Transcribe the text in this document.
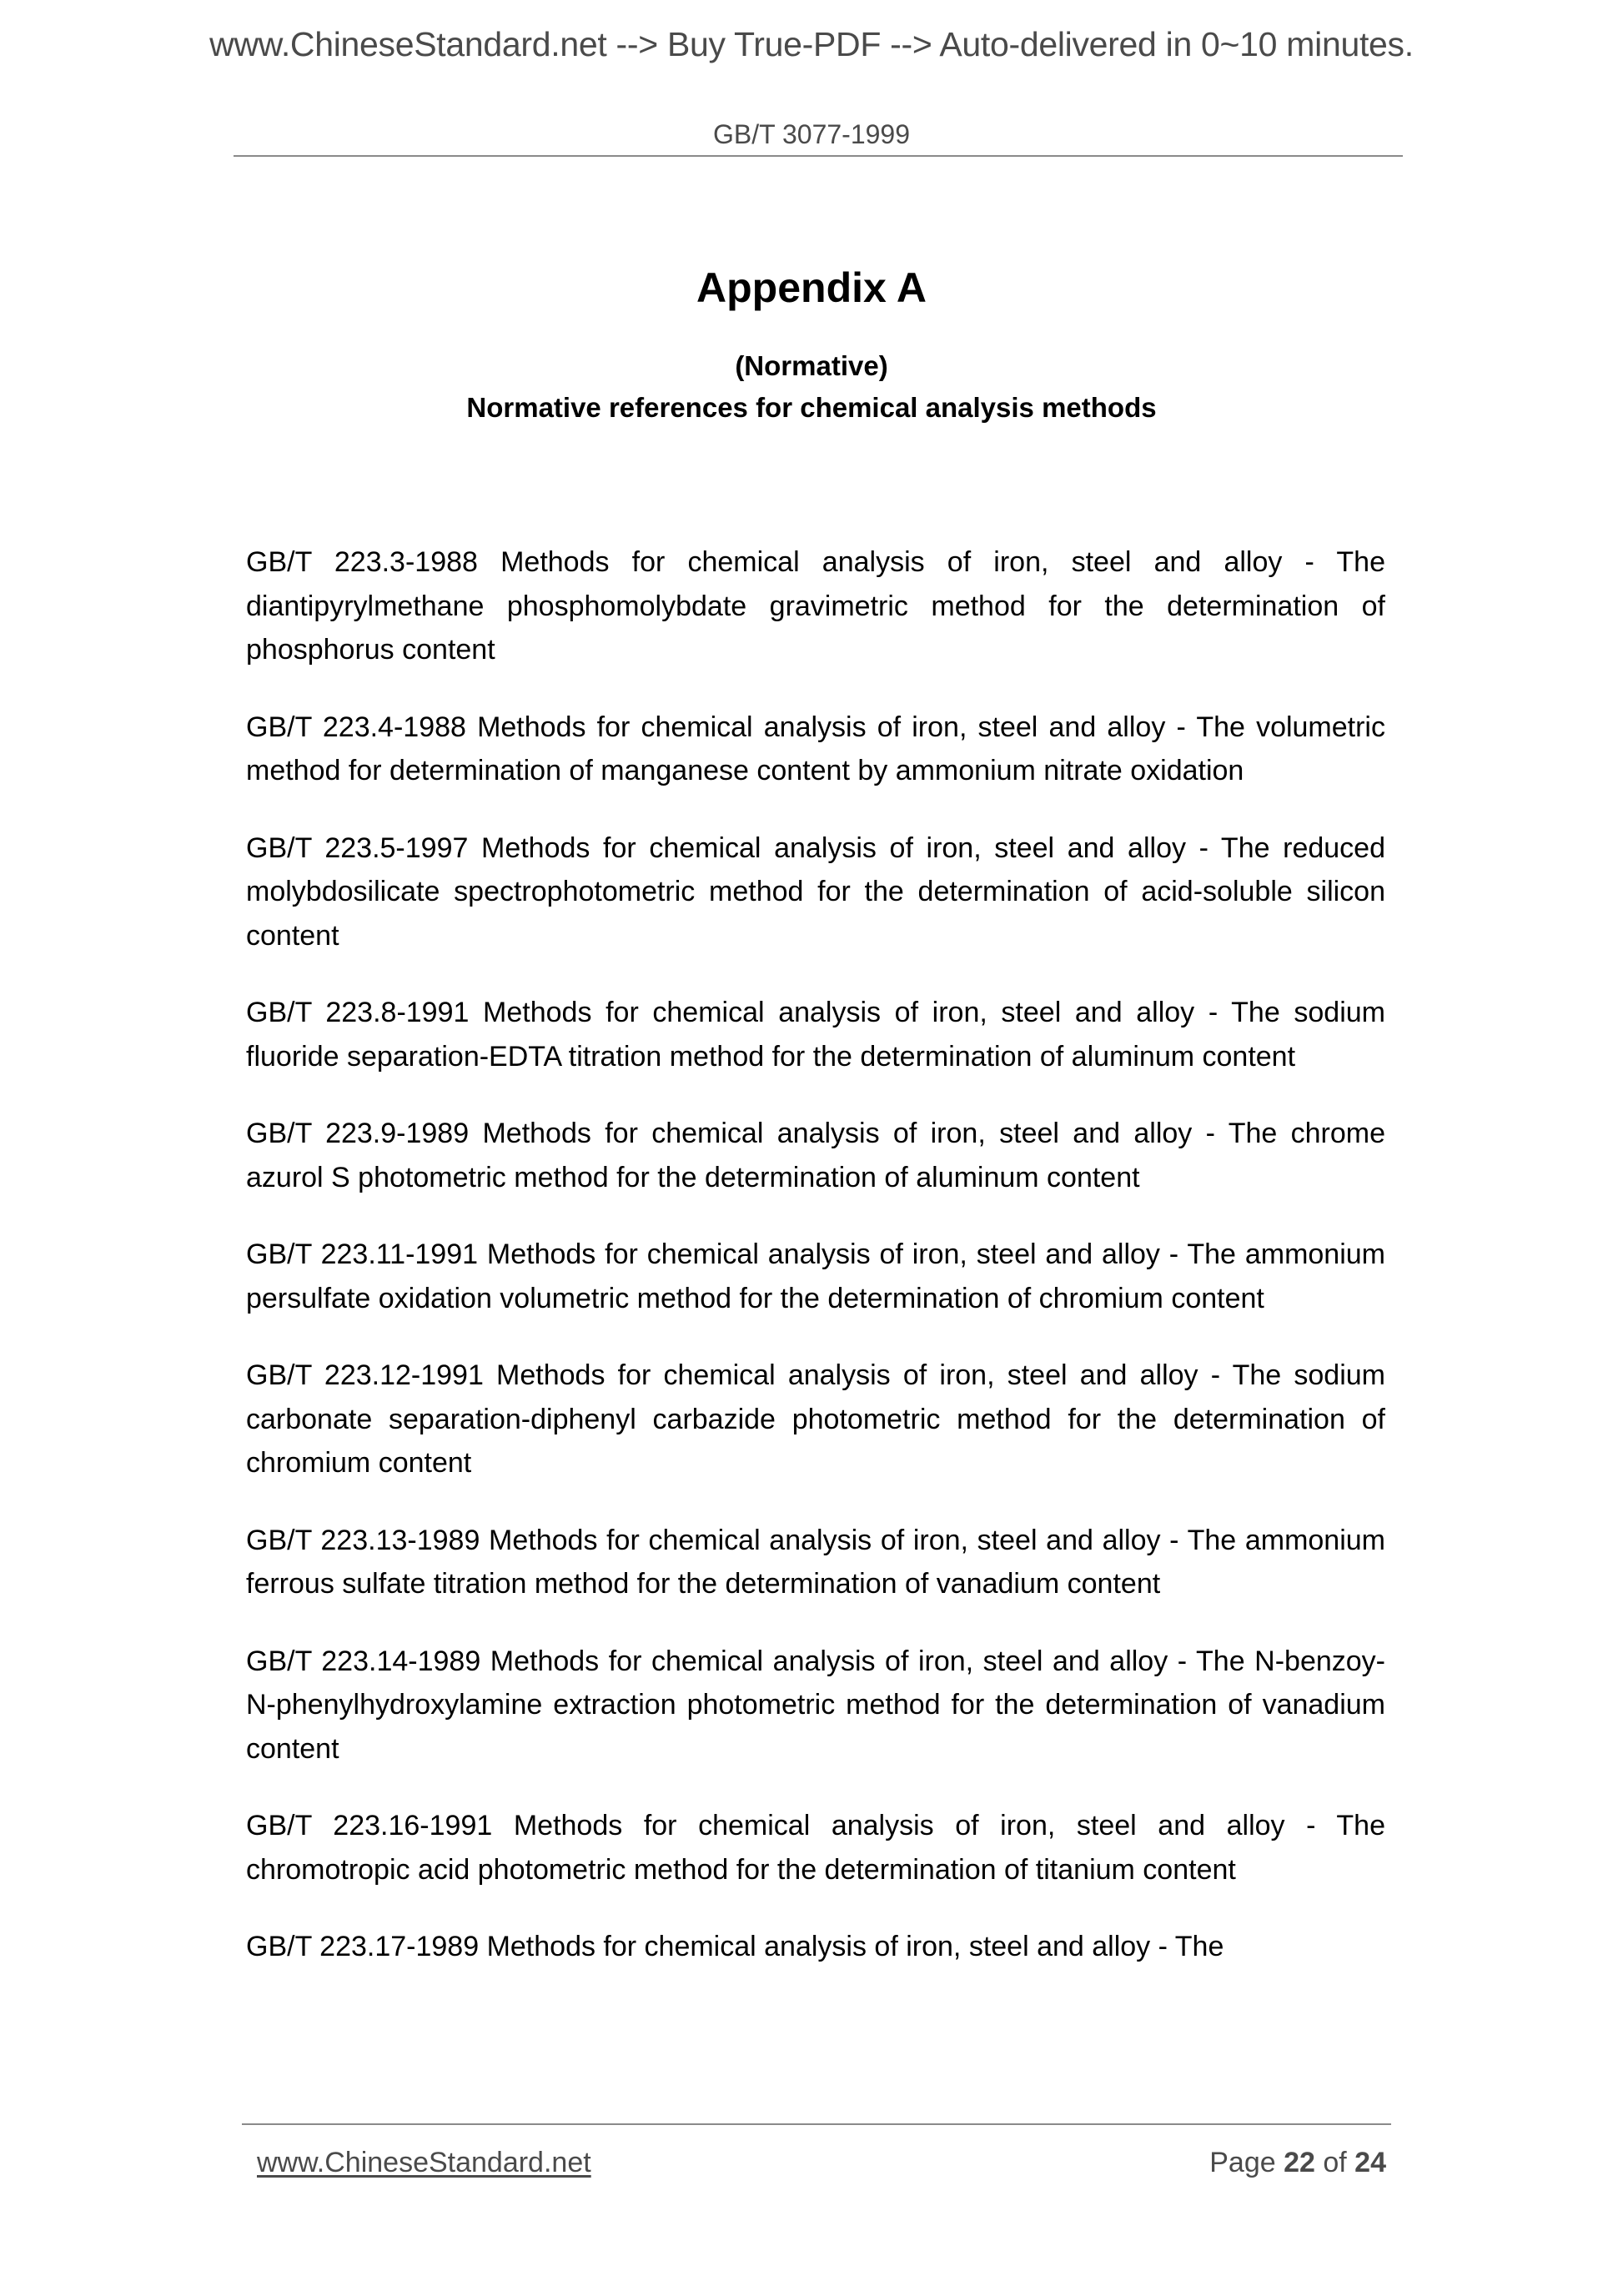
www.ChineseStandard.net --> Buy True-PDF --> Auto-delivered in 0~10 minutes.
GB/T 3077-1999
Appendix A
(Normative)
Normative references for chemical analysis methods

GB/T 223.3-1988 Methods for chemical analysis of iron, steel and alloy - The diantipyrylmethane phosphomolybdate gravimetric method for the determination of phosphorus content

GB/T 223.4-1988 Methods for chemical analysis of iron, steel and alloy - The volumetric method for determination of manganese content by ammonium nitrate oxidation

GB/T 223.5-1997 Methods for chemical analysis of iron, steel and alloy - The reduced molybdosilicate spectrophotometric method for the determination of acid-soluble silicon content

GB/T 223.8-1991 Methods for chemical analysis of iron, steel and alloy - The sodium fluoride separation-EDTA titration method for the determination of aluminum content

GB/T 223.9-1989 Methods for chemical analysis of iron, steel and alloy - The chrome azurol S photometric method for the determination of aluminum content

GB/T 223.11-1991 Methods for chemical analysis of iron, steel and alloy - The ammonium persulfate oxidation volumetric method for the determination of chromium content

GB/T 223.12-1991 Methods for chemical analysis of iron, steel and alloy - The sodium carbonate separation-diphenyl carbazide photometric method for the determination of chromium content

GB/T 223.13-1989 Methods for chemical analysis of iron, steel and alloy - The ammonium ferrous sulfate titration method for the determination of vanadium content

GB/T 223.14-1989 Methods for chemical analysis of iron, steel and alloy - The N-benzoy-N-phenylhydroxylamine extraction photometric method for the determination of vanadium content

GB/T 223.16-1991 Methods for chemical analysis of iron, steel and alloy - The chromotropic acid photometric method for the determination of titanium content

GB/T 223.17-1989 Methods for chemical analysis of iron, steel and alloy - The

www.ChineseStandard.net	Page 22 of 24
